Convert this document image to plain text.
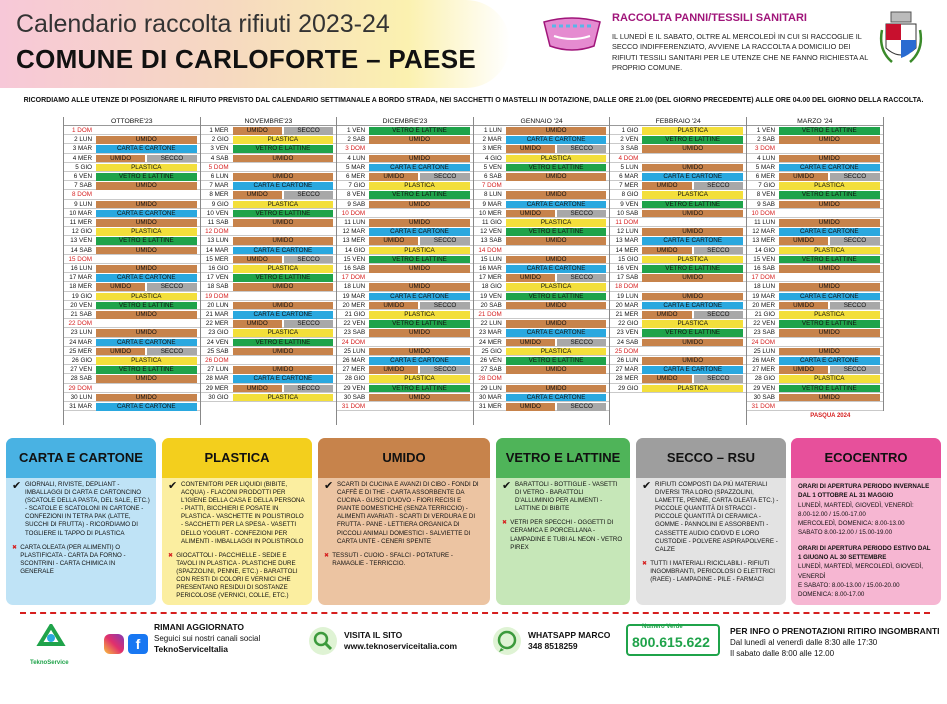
Calendario raccolta rifiuti 2023-24
COMUNE DI CARLOFORTE – PAESE
RACCOLTA PANNI/TESSILI SANITARI
IL LUNEDÌ E IL SABATO, OLTRE AL MERCOLEDÌ IN CUI SI RACCOGLIE IL SECCO INDIFFERENZIATO, AVVIENE LA RACCOLTA A DOMICILIO DEI RIFIUTI TESSILI SANITARI PER LE UTENZE CHE NE FANNO RICHIESTA AL PROPRIO COMUNE.
RICORDIAMO ALLE UTENZE DI POSIZIONARE IL RIFIUTO PREVISTO DAL CALENDARIO SETTIMANALE A BORDO STRADA, NEI SACCHETTI O MASTELLI IN DOTAZIONE, DALLE ORE 21.00 (DEL GIORNO PRECEDENTE) ALLE ORE 04.00 DEL GIORNO DELLA RACCOLTA.
OTTOBRE'23
1 DOM
2 LUN	UMIDO
3 MAR	CARTA E CARTONE
4 MER	UMIDO	SECCO
5 GIO	PLASTICA
6 VEN	VETRO E LATTINE
7 SAB	UMIDO
8 DOM
9 LUN	UMIDO
10 MAR	CARTA E CARTONE
11 MER	UMIDO
12 GIO	PLASTICA
13 VEN	VETRO E LATTINE
14 SAB	UMIDO
15 DOM
16 LUN	UMIDO
17 MAR	CARTA E CARTONE
18 MER	UMIDO	SECCO
19 GIO	PLASTICA
20 VEN	VETRO E LATTINE
21 SAB	UMIDO
22 DOM
23 LUN	UMIDO
24 MAR	CARTA E CARTONE
25 MER	UMIDO	SECCO
26 GIO	PLASTICA
27 VEN	VETRO E LATTINE
28 SAB	UMIDO
29 DOM
30 LUN	UMIDO
31 MAR	CARTA E CARTONE
NOVEMBRE'23
1 MER	UMIDO	SECCO
2 GIO	PLASTICA
3 VEN	VETRO E LATTINE
4 SAB	UMIDO
5 DOM
6 LUN	UMIDO
7 MAR	CARTA E CARTONE
8 MER	UMIDO	SECCO
9 GIO	PLASTICA
10 VEN	VETRO E LATTINE
11 SAB	UMIDO
12 DOM
13 LUN	UMIDO
14 MAR	CARTA E CARTONE
15 MER	UMIDO	SECCO
16 GIO	PLASTICA
17 VEN	VETRO E LATTINE
18 SAB	UMIDO
19 DOM
20 LUN	UMIDO
21 MAR	CARTA E CARTONE
22 MER	UMIDO	SECCO
23 GIO	PLASTICA
24 VEN	VETRO E LATTINE
25 SAB	UMIDO
26 DOM
27 LUN	UMIDO
28 MAR	CARTA E CARTONE
29 MER	UMIDO	SECCO
30 GIO	PLASTICA
DICEMBRE'23
1 VEN	VETRO E LATTINE
2 SAB	UMIDO
3 DOM
4 LUN	UMIDO
5 MAR	CARTA E CARTONE
6 MER	UMIDO	SECCO
7 GIO	PLASTICA
8 VEN	VETRO E LATTINE
9 SAB	UMIDO
10 DOM
11 LUN	UMIDO
12 MAR	CARTA E CARTONE
13 MER	UMIDO	SECCO
14 GIO	PLASTICA
15 VEN	VETRO E LATTINE
16 SAB	UMIDO
17 DOM
18 LUN	UMIDO
19 MAR	CARTA E CARTONE
20 MER	UMIDO	SECCO
21 GIO	PLASTICA
22 VEN	VETRO E LATTINE
23 SAB	UMIDO
24 DOM
25 LUN	UMIDO
26 MAR	CARTA E CARTONE
27 MER	UMIDO	SECCO
28 GIO	PLASTICA
29 VEN	VETRO E LATTINE
30 SAB	UMIDO
31 DOM
GENNAIO '24
1 LUN	UMIDO
2 MAR	CARTA E CARTONE
3 MER	UMIDO	SECCO
4 GIO	PLASTICA
5 VEN	VETRO E LATTINE
6 SAB	UMIDO
7 DOM
8 LUN	UMIDO
9 MAR	CARTA E CARTONE
10 MER	UMIDO	SECCO
11 GIO	PLASTICA
12 VEN	VETRO E LATTINE
13 SAB	UMIDO
14 DOM
15 LUN	UMIDO
16 MAR	CARTA E CARTONE
17 MER	UMIDO	SECCO
18 GIO	PLASTICA
19 VEN	VETRO E LATTINE
20 SAB	UMIDO
21 DOM
22 LUN	UMIDO
23 MAR	CARTA E CARTONE
24 MER	UMIDO	SECCO
25 GIO	PLASTICA
26 VEN	VETRO E LATTINE
27 SAB	UMIDO
28 DOM
29 LUN	UMIDO
30 MAR	CARTA E CARTONE
31 MER	UMIDO	SECCO
FEBBRAIO '24
1 GIO	PLASTICA
2 VEN	VETRO E LATTINE
3 SAB	UMIDO
4 DOM
5 LUN	UMIDO
6 MAR	CARTA E CARTONE
7 MER	UMIDO	SECCO
8 GIO	PLASTICA
9 VEN	VETRO E LATTINE
10 SAB	UMIDO
11 DOM
12 LUN	UMIDO
13 MAR	CARTA E CARTONE
14 MER	UMIDO	SECCO
15 GIO	PLASTICA
16 VEN	VETRO E LATTINE
17 SAB	UMIDO
18 DOM
19 LUN	UMIDO
20 MAR	CARTA E CARTONE
21 MER	UMIDO	SECCO
22 GIO	PLASTICA
23 VEN	VETRO E LATTINE
24 SAB	UMIDO
25 DOM
26 LUN	UMIDO
27 MAR	CARTA E CARTONE
28 MER	UMIDO	SECCO
29 GIO	PLASTICA
MARZO '24
1 VEN	VETRO E LATTINE
2 SAB	UMIDO
3 DOM
4 LUN	UMIDO
5 MAR	CARTA E CARTONE
6 MER	UMIDO	SECCO
7 GIO	PLASTICA
8 VEN	VETRO E LATTINE
9 SAB	UMIDO
10 DOM
11 LUN	UMIDO
12 MAR	CARTA E CARTONE
13 MER	UMIDO	SECCO
14 GIO	PLASTICA
15 VEN	VETRO E LATTINE
16 SAB	UMIDO
17 DOM
18 LUN	UMIDO
19 MAR	CARTA E CARTONE
20 MER	UMIDO	SECCO
21 GIO	PLASTICA
22 VEN	VETRO E LATTINE
23 SAB	UMIDO
24 DOM
25 LUN	UMIDO
26 MAR	CARTA E CARTONE
27 MER	UMIDO	SECCO
28 GIO	PLASTICA
29 VEN	VETRO E LATTINE
30 SAB	UMIDO
31 DOM
PASQUA 2024
CARTA E CARTONE
✔ GIORNALI, RIVISTE, DEPLIANT - IMBALLAGGI DI CARTA E CARTONCINO (SCATOLE DELLA PASTA, DEL SALE, ETC.) - SCATOLE E SCATOLONI IN CARTONE - CONFEZIONI IN TETRA PAK (LATTE, SUCCHI DI FRUTTA) - RICORDIAMO DI TOGLIERE IL TAPPO DI PLASTICA
✖ CARTA OLEATA (PER ALIMENTI) O PLASTIFICATA - CARTA DA FORNO - SCONTRINI - CARTA CHIMICA IN GENERALE
PLASTICA
✔ CONTENITORI PER LIQUIDI (BIBITE, ACQUA) - FLACONI PRODOTTI PER L'IGIENE DELLA CASA E DELLA PERSONA - PIATTI, BICCHIERI E POSATE IN PLASTICA - VASCHETTE IN POLISTIROLO - SACCHETTI PER LA SPESA - VASETTI DELLO YOGURT - CONFEZIONI PER ALIMENTI - IMBALLAGGI IN POLISTIROLO
✖ GIOCATTOLI - PACCHIELLE - SEDIE E TAVOLI IN PLASTICA - PLASTICHE DURE (SPAZZOLINI, PENNE, ETC.) - BARATTOLI CON RESTI DI COLORI E VERNICI CHE PRESENTANO RESIDUI DI SOSTANZE PERICOLOSE (VERNICI, COLLE, ETC.)
UMIDO
✔ SCARTI DI CUCINA E AVANZI DI CIBO - FONDI DI CAFFÈ E DI THE - CARTA ASSORBENTE DA CUCINA - GUSCI D'UOVO - FIORI RECISI E PIANTE DOMESTICHE (SENZA TERRICCIO) - ALIMENTI AVARIATI - SCARTI DI VERDURA E DI FRUTTA - PANE - LETTIERA ORGANICA DI PICCOLI ANIMALI DOMESTICI - SALVIETTE DI CARTA UNTE - CENERI SPENTE
✖ TESSUTI - CUOIO - SFALCI - POTATURE - RAMAGLIE - TERRICCIO.
VETRO E LATTINE
✔ BARATTOLI - BOTTIGLIE - VASETTI DI VETRO - BARATTOLI D'ALLUMINIO PER ALIMENTI - LATTINE DI BIBITE
✖ VETRI PER SPECCHI - OGGETTI DI CERAMICA E PORCELLANA - LAMPADINE E TUBI AL NEON - VETRO PIREX
SECCO – RSU
✔ RIFIUTI COMPOSTI DA PIÙ MATERIALI DIVERSI TRA LORO (SPAZZOLINI, LAMETTE, PENNE, CARTA OLEATA ETC.) - PICCOLE QUANTITÀ DI STRACCI - PICCOLE QUANTITÀ DI CERAMICA - GOMME - PANNOLINI E ASSORBENTI - CASSETTE AUDIO CD/DVD E LORO CUSTODIE - POLVERE ASPIRAPOLVERE - CALZE
✖ TUTTI I MATERIALI RICICLABILI - RIFIUTI INGOMBRANTI, PERICOLOSI O ELETTRICI (RAEE) - LAMPADINE - PILE - FARMACI
ECOCENTRO
ORARI DI APERTURA PERIODO INVERNALE DAL 1 OTTOBRE AL 31 MAGGIO
LUNEDÌ, MARTEDÌ, GIOVEDÌ, VENERDÌ:
8.00-12.00 / 15.00-17.00
MERCOLEDÌ, DOMENICA: 8.00-13.00
SABATO 8.00-12.00 / 15.00-19.00
ORARI DI APERTURA PERIODO ESTIVO DAL 1 GIUGNO AL 30 SETTEMBRE
LUNEDÌ, MARTEDÌ, MERCOLEDÌ, GIOVEDÌ, VENERDÌ
E SABATO: 8.00-13.00 / 15.00-20.00
DOMENICA: 8.00-17.00
TeknoService
f
RIMANI AGGIORNATO
Seguici sui nostri canali social
TeknoServiceItalia
VISITA IL SITO
www.teknoserviceitalia.com
WHATSAPP MARCO
348 8518259
Numero Verde
800.615.622
PER INFO O PRENOTAZIONI RITIRO INGOMBRANTI
Dal lunedì al venerdì dalle 8:30 alle 17:30
Il sabato dalle 8:00 alle 12.00
